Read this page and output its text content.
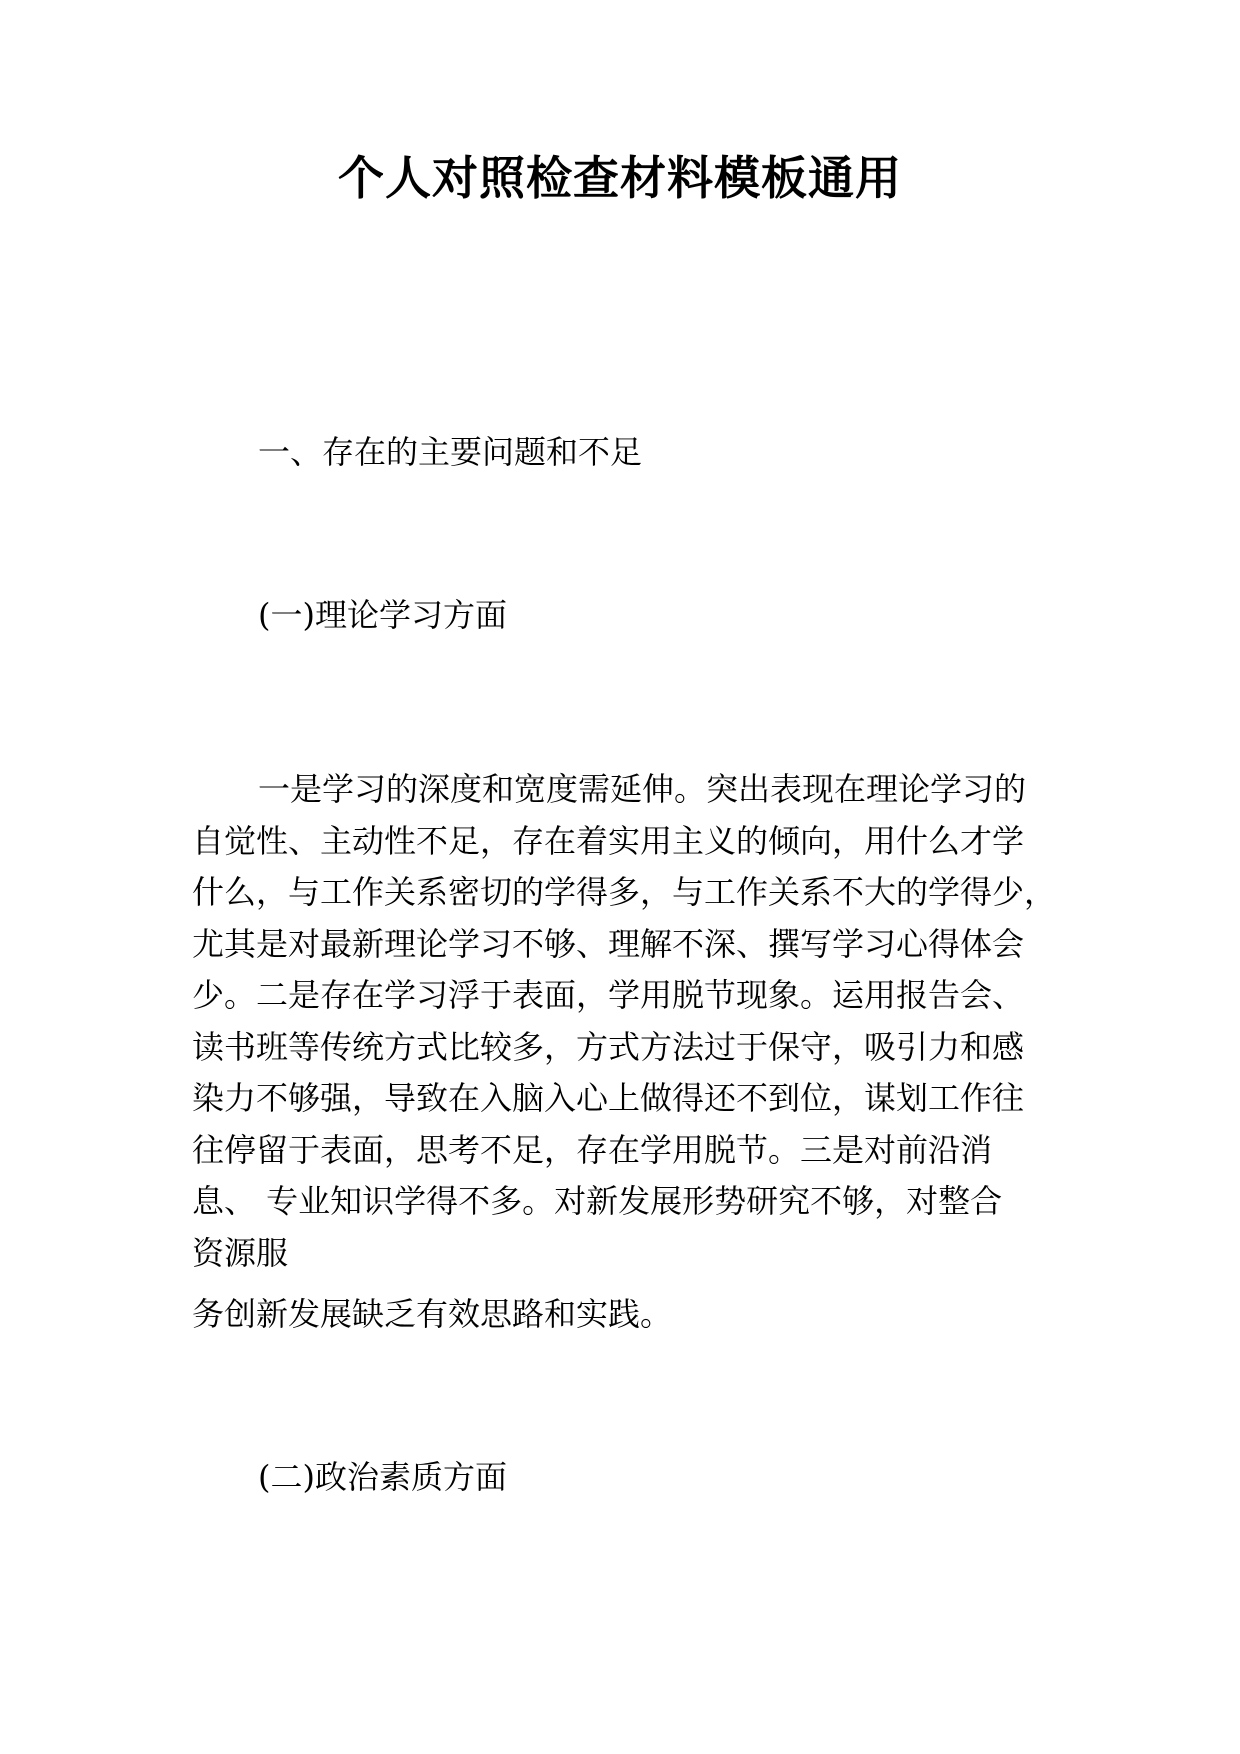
个人对照检查材料模板通用
一、存在的主要问题和不足
(一)理论学习方面
一是学习的深度和宽度需延伸。突出表现在理论学习的
自觉性、主动性不足，存在着实用主义的倾向，用什么才学
什么，与工作关系密切的学得多，与工作关系不大的学得少，
尤其是对最新理论学习不够、理解不深、撰写学习心得体会
少。二是存在学习浮于表面，学用脱节现象。运用报告会、
读书班等传统方式比较多，方式方法过于保守，吸引力和感
染力不够强，导致在入脑入心上做得还不到位，谋划工作往
往停留于表面，思考不足，存在学用脱节。三是对前沿消
息、 专业知识学得不多。对新发展形势研究不够，对整合
资源服
务创新发展缺乏有效思路和实践。
(二)政治素质方面
